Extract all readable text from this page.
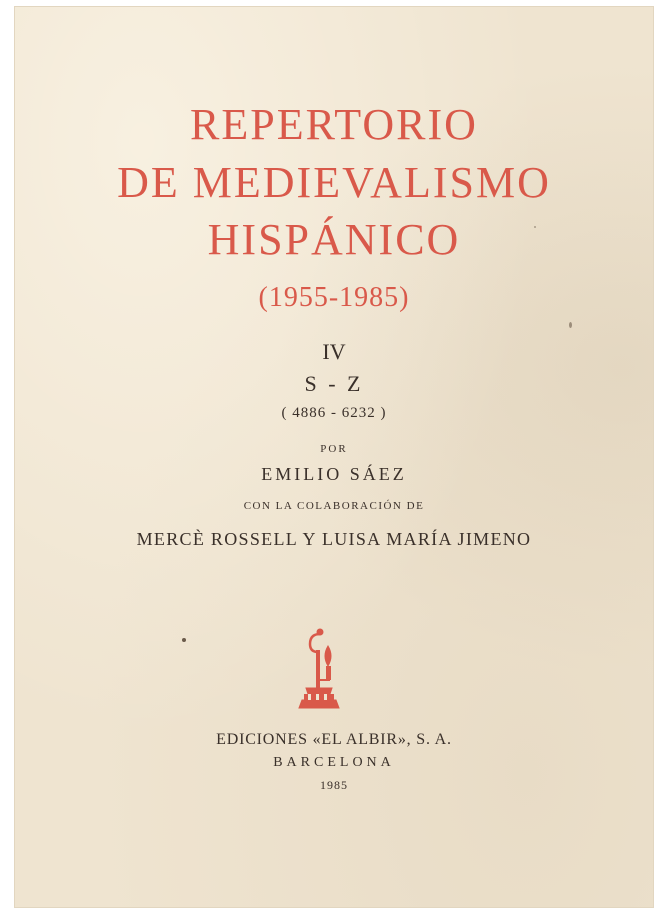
REPERTORIO
DE MEDIEVALISMO
HISPÁNICO
(1955-1985)
IV
S - Z
( 4886 - 6232 )
POR
EMILIO SÁEZ
CON LA COLABORACIÓN DE
MERCÈ ROSSELL Y LUISA MARÍA JIMENO
EDICIONES «EL ALBIR», S. A.
BARCELONA
1985
